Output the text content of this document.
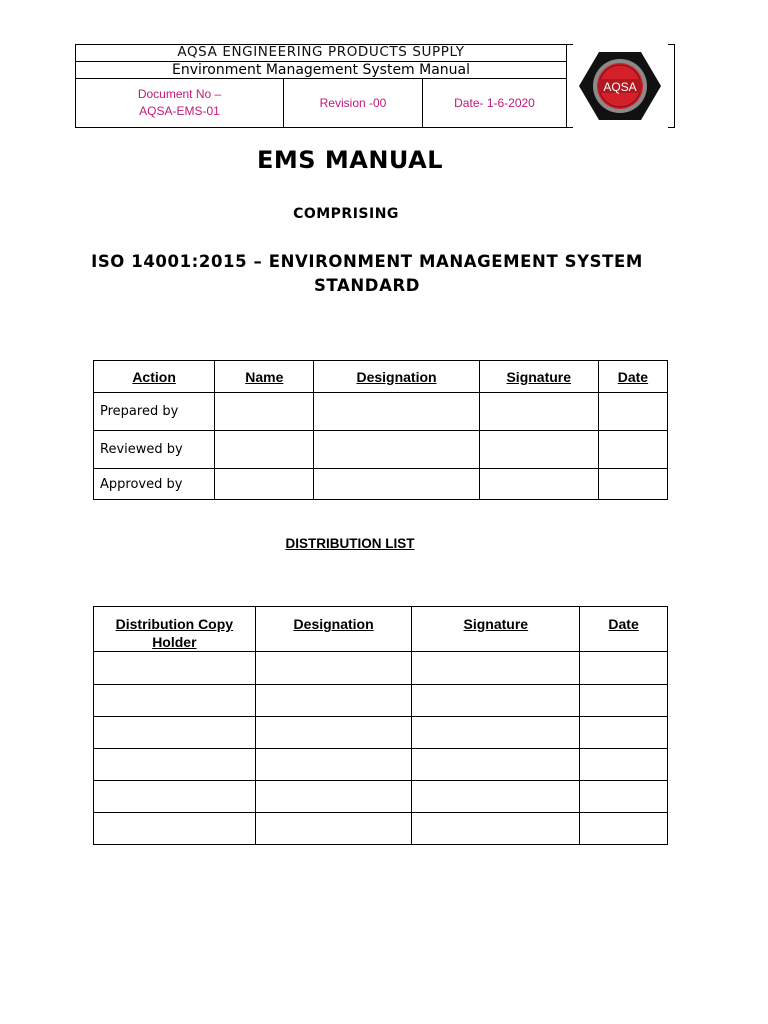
AQSA ENGINEERING PRODUCTS SUPPLY
Environment Management System Manual
Document No –
AQSA-EMS-01
Revision -00	Date- 1-6-2020
AQSA
EMS MANUAL
COMPRISING
ISO 14001:2015 – ENVIRONMENT MANAGEMENT SYSTEM
STANDARD
Action	Name	Designation	Signature	Date
Prepared by				
Reviewed by				
Approved by				
DISTRIBUTION LIST
Distribution Copy
Holder	Designation	Signature	Date
